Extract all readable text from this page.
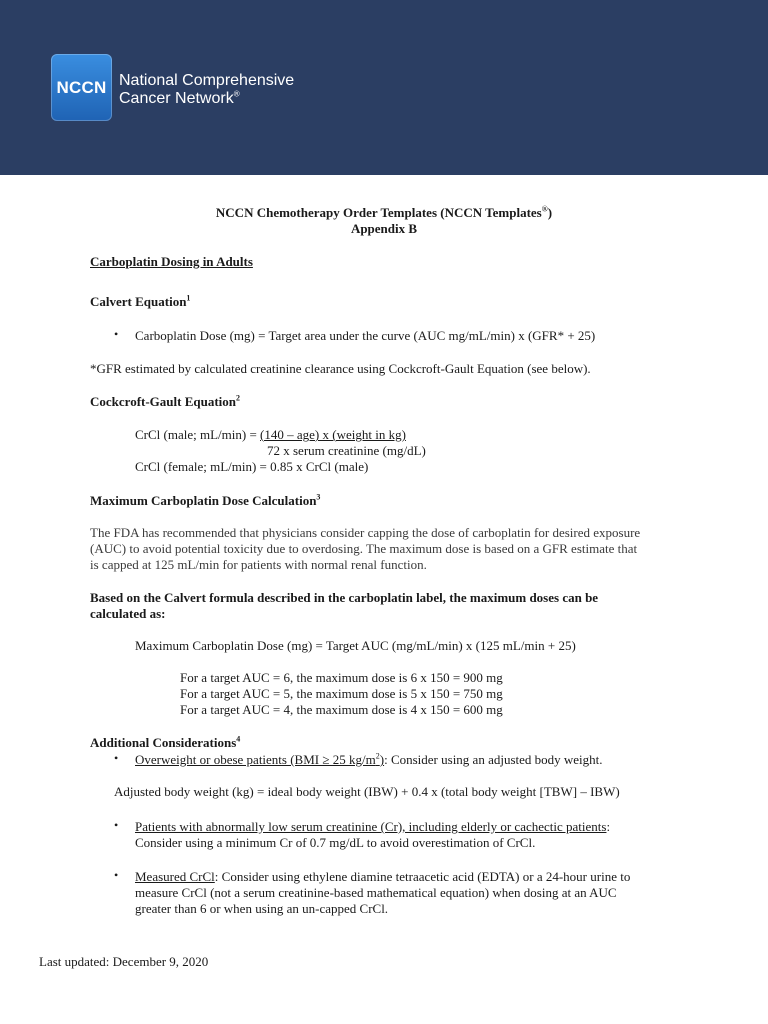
NCCN National Comprehensive
Cancer Network®
NCCN Chemotherapy Order Templates (NCCN Templates®)
Appendix B
Carboplatin Dosing in Adults
Calvert Equation$^1$
• Carboplatin Dose (mg) = Target area under the curve (AUC mg/mL/min) x (GFR* + 25)
*GFR estimated by calculated creatinine clearance using Cockcroft-Gault Equation (see below).
Cockcroft-Gault Equation$^2$
CrCl (male; mL/min) = (140 – age) x (weight in kg)
72 x serum creatinine (mg/dL)
CrCl (female; mL/min) = 0.85 x CrCl (male)
Maximum Carboplatin Dose Calculation$^3$
The FDA has recommended that physicians consider capping the dose of carboplatin for desired exposure
(AUC) to avoid potential toxicity due to overdosing. The maximum dose is based on a GFR estimate that
is capped at 125 mL/min for patients with normal renal function.
Based on the Calvert formula described in the carboplatin label, the maximum doses can be
calculated as:
Maximum Carboplatin Dose (mg) = Target AUC (mg/mL/min) x (125 mL/min + 25)
For a target AUC = 6, the maximum dose is 6 x 150 = 900 mg
For a target AUC = 5, the maximum dose is 5 x 150 = 750 mg
For a target AUC = 4, the maximum dose is 4 x 150 = 600 mg
Additional Considerations$^4$
• Overweight or obese patients (BMI ≥ 25 $kg/m^2$): Consider using an adjusted body weight.
Adjusted body weight (kg) = ideal body weight (IBW) + 0.4 x (total body weight [TBW] – IBW)
• Patients with abnormally low serum creatinine (Cr), including elderly or cachectic patients:
Consider using a minimum Cr of 0.7 mg/dL to avoid overestimation of CrCl.
• Measured CrCl: Consider using ethylene diamine tetraacetic acid (EDTA) or a 24-hour urine to
measure CrCl (not a serum creatinine-based mathematical equation) when dosing at an AUC
greater than 6 or when using an un-capped CrCl.
Last updated: December 9, 2020
